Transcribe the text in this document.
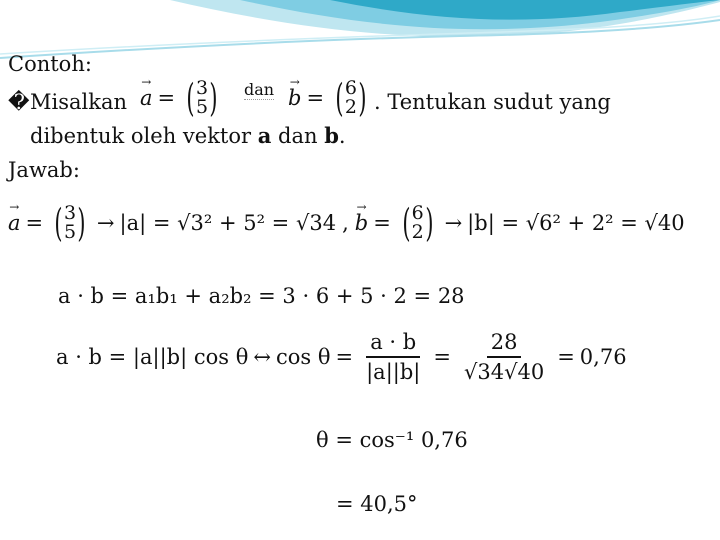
Contoh:
� Misalkan
→
a = ( 3
5 ) dan →
b = ( 6
2 ) . Tentukan sudut yang
dibentuk oleh vektor a dan b.
Jawab:
→
a = ( 3
5 ) → |a| = √3² + 5² = √34 ,
→
b = ( 6
2 ) → |b| = √6² + 2² = √40
a · b = a₁b₁ + a₂b₂ = 3 · 6 + 5 · 2 = 28
a · b = |a||b| cos θ ↔ $\cos \theta = \frac{a \cdot b}{|a||b|} = \frac{28}{√34√40} = 0,76$
θ = cos⁻¹ 0,76
= 40,5°
